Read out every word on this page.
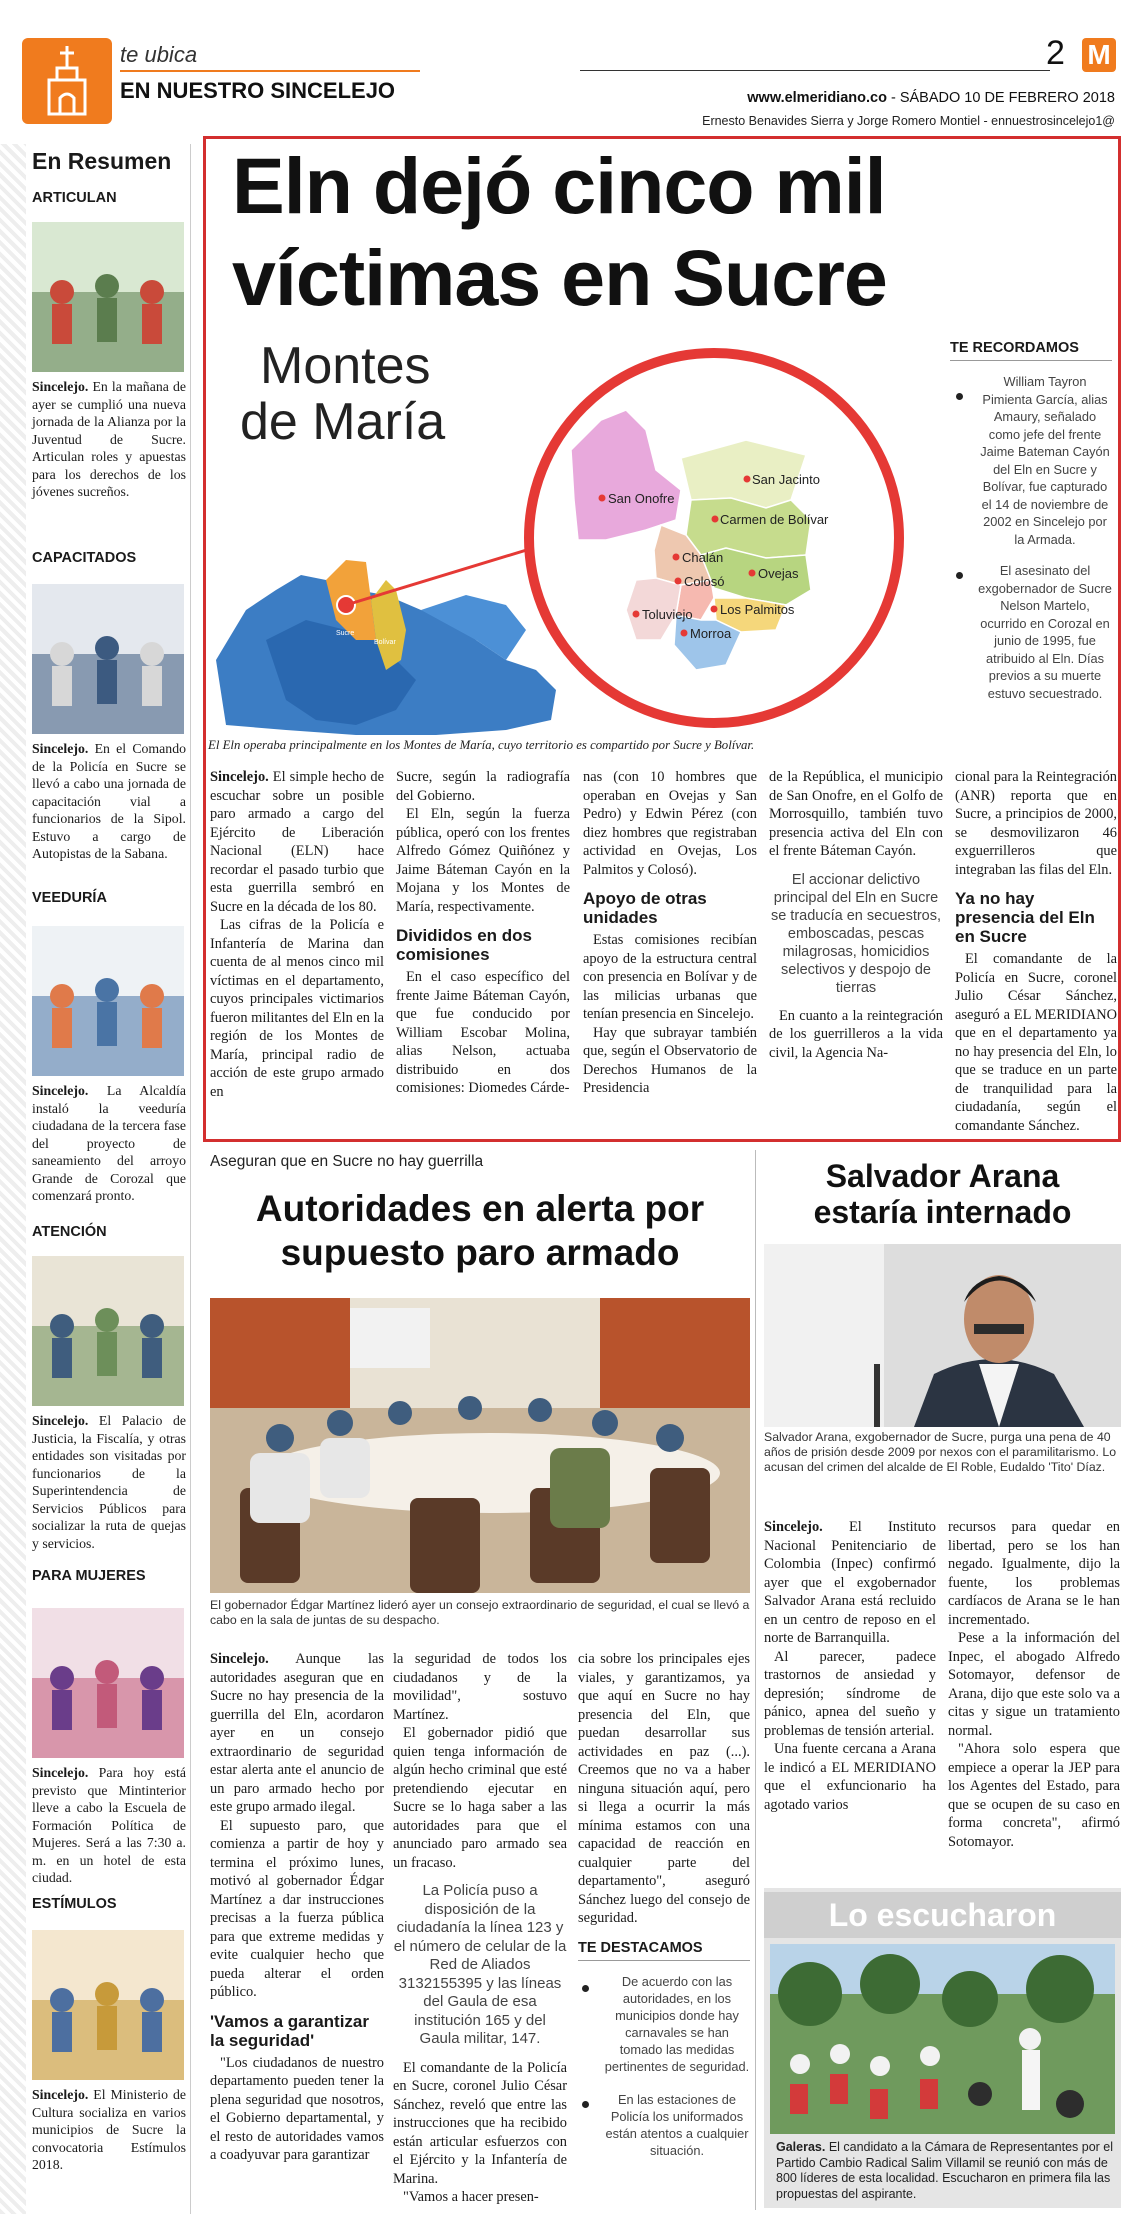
te ubica
EN NUESTRO SINCELEJO
2 M
www.elmeridiano.co - SÁBADO 10 DE FEBRERO 2018
Ernesto Benavides Sierra y Jorge Romero Montiel - ennuestrosincelejo1@
En Resumen
ARTICULAN
Sincelejo. En la mañana de ayer se cumplió una nueva jornada de la Alianza por la Juventud de Sucre. Articulan roles y apuestas para los derechos de los jóvenes sucreños.
CAPACITADOS
Sincelejo. En el Comando de la Policía en Sucre se llevó a cabo una jornada de capacitación vial a funcionarios de la Sipol. Estuvo a cargo de Autopistas de la Sabana.
VEEDURÍA
Sincelejo. La Alcaldía instaló la veeduría ciudadana de la tercera fase del proyecto de saneamiento del arroyo Grande de Corozal que comenzará pronto.
ATENCIÓN
Sincelejo. El Palacio de Justicia, la Fiscalía, y otras entidades son visitadas por funcionarios de la Superintendencia de Servicios Públicos para socializar la ruta de quejas y servicios.
PARA MUJERES
Sincelejo. Para hoy está previsto que Mintinterior lleve a cabo la Escuela de Formación Política de Mujeres. Será a las 7:30 a. m. en un hotel de esta ciudad.
ESTÍMULOS
Sincelejo. El Ministerio de Cultura socializa en varios municipios de Sucre la convocatoria Estímulos 2018.
Eln dejó cinco mil
víctimas en Sucre
Montes
de María
San Onofre
San Jacinto
Carmen de Bolívar
Chalán
Ovejas
Colosó
Toluviejo Los Palmitos
Morroa
Sucre
Bolívar
El Eln operaba principalmente en los Montes de María, cuyo territorio es compartido por Sucre y Bolívar.
TE RECORDAMOS
William Tayron Pimienta García, alias Amaury, señalado como jefe del frente Jaime Bateman Cayón del Eln en Sucre y Bolívar, fue capturado el 14 de noviembre de 2002 en Sincelejo por la Armada.
El asesinato del exgobernador de Sucre Nelson Martelo, ocurrido en Corozal en junio de 1995, fue atribuido al Eln. Días previos a su muerte estuvo secuestrado.

Sincelejo. El simple hecho de escuchar sobre un posible paro armado a cargo del Ejército de Liberación Nacional (ELN) hace recordar el pasado turbio que esta guerrilla sembró en Sucre en la década de los 80.

Las cifras de la Policía e Infantería de Marina dan cuenta de al menos cinco mil víctimas en el departamento, cuyos principales victimarios fueron militantes del Eln en la región de los Montes de María, principal radio de acción de este grupo armado en

Sucre, según la radiografía del Gobierno.

El Eln, según la fuerza pública, operó con los frentes Alfredo Gómez Quiñónez y Jaime Báteman Cayón en la Mojana y los Montes de María, respectivamente.

Divididos en dos comisiones

En el caso específico del frente Jaime Báteman Cayón, que fue conducido por William Escobar Molina, alias Nelson, actuaba distribuido en dos comisiones: Diomedes Cárde-

nas (con 10 hombres que operaban en Ovejas y San Pedro) y Edwin Pérez (con diez hombres que registraban actividad en Ovejas, Los Palmitos y Colosó).

Apoyo de otras unidades

Estas comisiones recibían apoyo de la estructura central con presencia en Bolívar y de las milicias urbanas que tenían presencia en Sincelejo.

Hay que subrayar también que, según el Observatorio de Derechos Humanos de la Presidencia

de la República, el municipio de San Onofre, en el Golfo de Morrosquillo, también tuvo presencia activa del Eln con el frente Báteman Cayón.

El accionar delictivo principal del Eln en Sucre se traducía en secuestros, emboscadas, pescas milagrosas, homicidios selectivos y despojo de tierras

En cuanto a la reintegración de los guerrilleros a la vida civil, la Agencia Na-

cional para la Reintegración (ANR) reporta que en Sucre, a principios de 2000, se desmovilizaron 46 exguerrilleros que integraban las filas del Eln.

Ya no hay presencia del Eln en Sucre

El comandante de la Policía en Sucre, coronel Julio César Sánchez, aseguró a EL MERIDIANO que en el departamento ya no hay presencia del Eln, lo que se traduce en un parte de tranquilidad para la ciudadanía, según el comandante Sánchez.

Aseguran que en Sucre no hay guerrilla
Autoridades en alerta por
supuesto paro armado
El gobernador Édgar Martínez lideró ayer un consejo extraordinario de seguridad, el cual se llevó a cabo en la sala de juntas de su despacho.

Sincelejo. Aunque las autoridades aseguran que en Sucre no hay presencia de la guerrilla del Eln, acordaron ayer en un consejo extraordinario de seguridad estar alerta ante el anuncio de un paro armado hecho por este grupo armado ilegal.

El supuesto paro, que comienza a partir de hoy y termina el próximo lunes, motivó al gobernador Édgar Martínez a dar instrucciones precisas a la fuerza pública para que extreme medidas y evite cualquier hecho que pueda alterar el orden público.

'Vamos a garantizar la seguridad'

"Los ciudadanos de nuestro departamento pueden tener la plena seguridad que nosotros, el Gobierno departamental, y el resto de autoridades vamos a coadyuvar para garantizar

la seguridad de todos los ciudadanos y de la movilidad", sostuvo Martínez.

El gobernador pidió que quien tenga información de algún hecho criminal que esté pretendiendo ejecutar en Sucre se lo haga saber a las autoridades para que el anunciado paro armado sea un fracaso.

La Policía puso a disposición de la ciudadanía la línea 123 y el número de celular de la Red de Aliados 3132155395 y las líneas del Gaula de esa institución 165 y del Gaula militar, 147.

El comandante de la Policía en Sucre, coronel Julio César Sánchez, reveló que entre las instrucciones que ha recibido están articular esfuerzos con el Ejército y la Infantería de Marina.

"Vamos a hacer presen-

cia sobre los principales ejes viales, y garantizamos, ya que aquí en Sucre no hay presencia del Eln, que puedan desarrollar sus actividades en paz (...). Creemos que no va a haber ninguna situación aquí, pero si llega a ocurrir la más mínima estamos con una capacidad de reacción en cualquier parte del departamento", aseguró Sánchez luego del consejo de seguridad.

TE DESTACAMOS
De acuerdo con las autoridades, en los municipios donde hay carnavales se han tomado las medidas pertinentes de seguridad.
En las estaciones de Policía los uniformados están atentos a cualquier situación.
Salvador Arana
estaría internado
Salvador Arana, exgobernador de Sucre, purga una pena de 40 años de prisión desde 2009 por nexos con el paramilitarismo. Lo acusan del crimen del alcalde de El Roble, Eudaldo 'Tito' Díaz.

Sincelejo. El Instituto Nacional Penitenciario de Colombia (Inpec) confirmó ayer que el exgobernador Salvador Arana está recluido en un centro de reposo en el norte de Barranquilla.

Al parecer, padece trastornos de ansiedad y depresión; síndrome de pánico, apnea del sueño y problemas de tensión arterial.

Una fuente cercana a Arana le indicó a EL MERIDIANO que el exfuncionario ha agotado varios

recursos para quedar en libertad, pero se los han negado. Igualmente, dijo la fuente, los problemas cardíacos de Arana se le han incrementado.

Pese a la información del Inpec, el abogado Alfredo Sotomayor, defensor de Arana, dijo que este solo va a citas y sigue un tratamiento normal.

"Ahora solo espera que empiece a operar la JEP para los Agentes del Estado, para que se ocupen de su caso en forma concreta", afirmó Sotomayor.

Lo escucharon
Galeras. El candidato a la Cámara de Representantes por el Partido Cambio Radical Salim Villamil se reunió con más de 800 líderes de esta localidad. Escucharon en primera fila las propuestas del aspirante.
